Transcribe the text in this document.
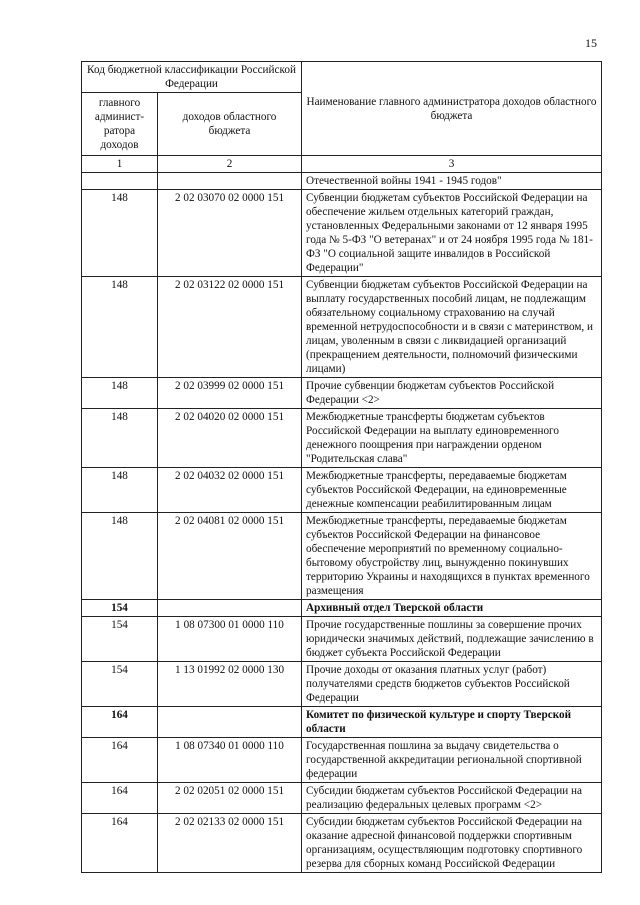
15
Код бюджетной классификации Российской Федерации		Наименование главного администратора доходов областного бюджета
главного админист-ратора доходов	доходов областного бюджета	
1	2	3
		Отечественной войны 1941 - 1945 годов"
148	2 02 03070 02 0000 151	Субвенции бюджетам субъектов Российской Федерации на обеспечение жильем отдельных категорий граждан, установленных Федеральными законами от 12 января 1995 года № 5-ФЗ "О ветеранах" и от 24 ноября 1995 года № 181-ФЗ "О социальной защите инвалидов в Российской Федерации"
148	2 02 03122 02 0000 151	Субвенции бюджетам субъектов Российской Федерации на выплату государственных пособий лицам, не подлежащим обязательному социальному страхованию на случай временной нетрудоспособности и в связи с материнством, и лицам, уволенным в связи с ликвидацией организаций (прекращением деятельности, полномочий физическими лицами)
148	2 02 03999 02 0000 151	Прочие субвенции бюджетам субъектов Российской Федерации <2>
148	2 02 04020 02 0000 151	Межбюджетные трансферты бюджетам субъектов Российской Федерации на выплату единовременного денежного поощрения при награждении орденом "Родительская слава"
148	2 02 04032 02 0000 151	Межбюджетные трансферты, передаваемые бюджетам субъектов Российской Федерации, на единовременные денежные компенсации реабилитированным лицам
148	2 02 04081 02 0000 151	Межбюджетные трансферты, передаваемые бюджетам субъектов Российской Федерации на финансовое обеспечение мероприятий по временному социально-бытовому обустройству лиц, вынужденно покинувших территорию Украины и находящихся в пунктах временного размещения
154		Архивный отдел Тверской области
154	1 08 07300 01 0000 110	Прочие государственные пошлины за совершение прочих юридически значимых действий, подлежащие зачислению в бюджет субъекта Российской Федерации
154	1 13 01992 02 0000 130	Прочие доходы от оказания платных услуг (работ) получателями средств бюджетов субъектов Российской Федерации
164		Комитет по физической культуре и спорту Тверской области
164	1 08 07340 01 0000 110	Государственная пошлина за выдачу свидетельства о государственной аккредитации региональной спортивной федерации
164	2 02 02051 02 0000 151	Субсидии бюджетам субъектов Российской Федерации на реализацию федеральных целевых программ <2>
164	2 02 02133 02 0000 151	Субсидии бюджетам субъектов Российской Федерации на оказание адресной финансовой поддержки спортивным организациям, осуществляющим подготовку спортивного резерва для сборных команд Российской Федерации
